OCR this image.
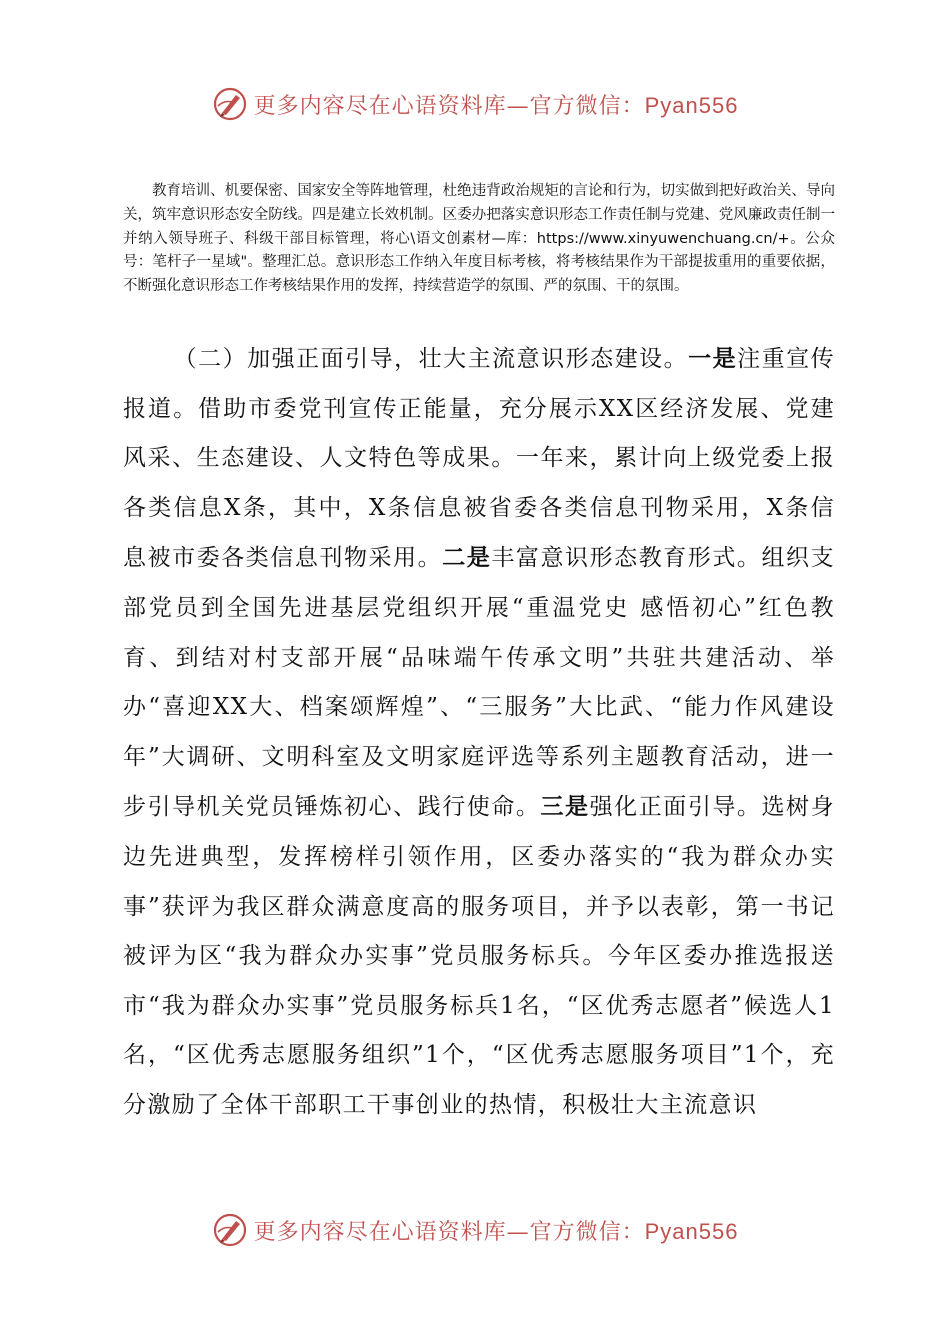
更多内容尽在心语资料库—官方微信：Pyan556

教育培训、机要保密、国家安全等阵地管理，杜绝违背政治规矩的言论和行为，切实做到把好政治关、导向关，筑牢意识形态安全防线。四是建立长效机制。区委办把落实意识形态工作责任制与党建、党风廉政责任制一并纳入领导班子、科级干部目标管理，将心\语文创素材—库：https://www.xinyuwenchuang.cn/+。公众号：笔杆子一星域"。整理汇总。意识形态工作纳入年度目标考核，将考核结果作为干部提拔重用的重要依据，不断强化意识形态工作考核结果作用的发挥，持续营造学的氛围、严的氛围、干的氛围。

（二）加强正面引导，壮大主流意识形态建设。一是注重宣传报道。借助市委党刊宣传正能量，充分展示XX区经济发展、党建风采、生态建设、人文特色等成果。一年来，累计向上级党委上报各类信息X条，其中，X条信息被省委各类信息刊物采用，X条信息被市委各类信息刊物采用。二是丰富意识形态教育形式。组织支部党员到全国先进基层党组织开展“重温党史 感悟初心”红色教育、到结对村支部开展“品味端午传承文明”共驻共建活动、举办“喜迎XX大、档案颂辉煌”、“三服务”大比武、“能力作风建设年”大调研、文明科室及文明家庭评选等系列主题教育活动，进一步引导机关党员锤炼初心、践行使命。三是强化正面引导。选树身边先进典型，发挥榜样引领作用，区委办落实的“我为群众办实事”获评为我区群众满意度高的服务项目，并予以表彰，第一书记被评为区“我为群众办实事”党员服务标兵。今年区委办推选报送市“我为群众办实事”党员服务标兵1名，“区优秀志愿者”候选人1名，“区优秀志愿服务组织”1个，“区优秀志愿服务项目”1个，充分激励了全体干部职工干事创业的热情，积极壮大主流意识

更多内容尽在心语资料库—官方微信：Pyan556
